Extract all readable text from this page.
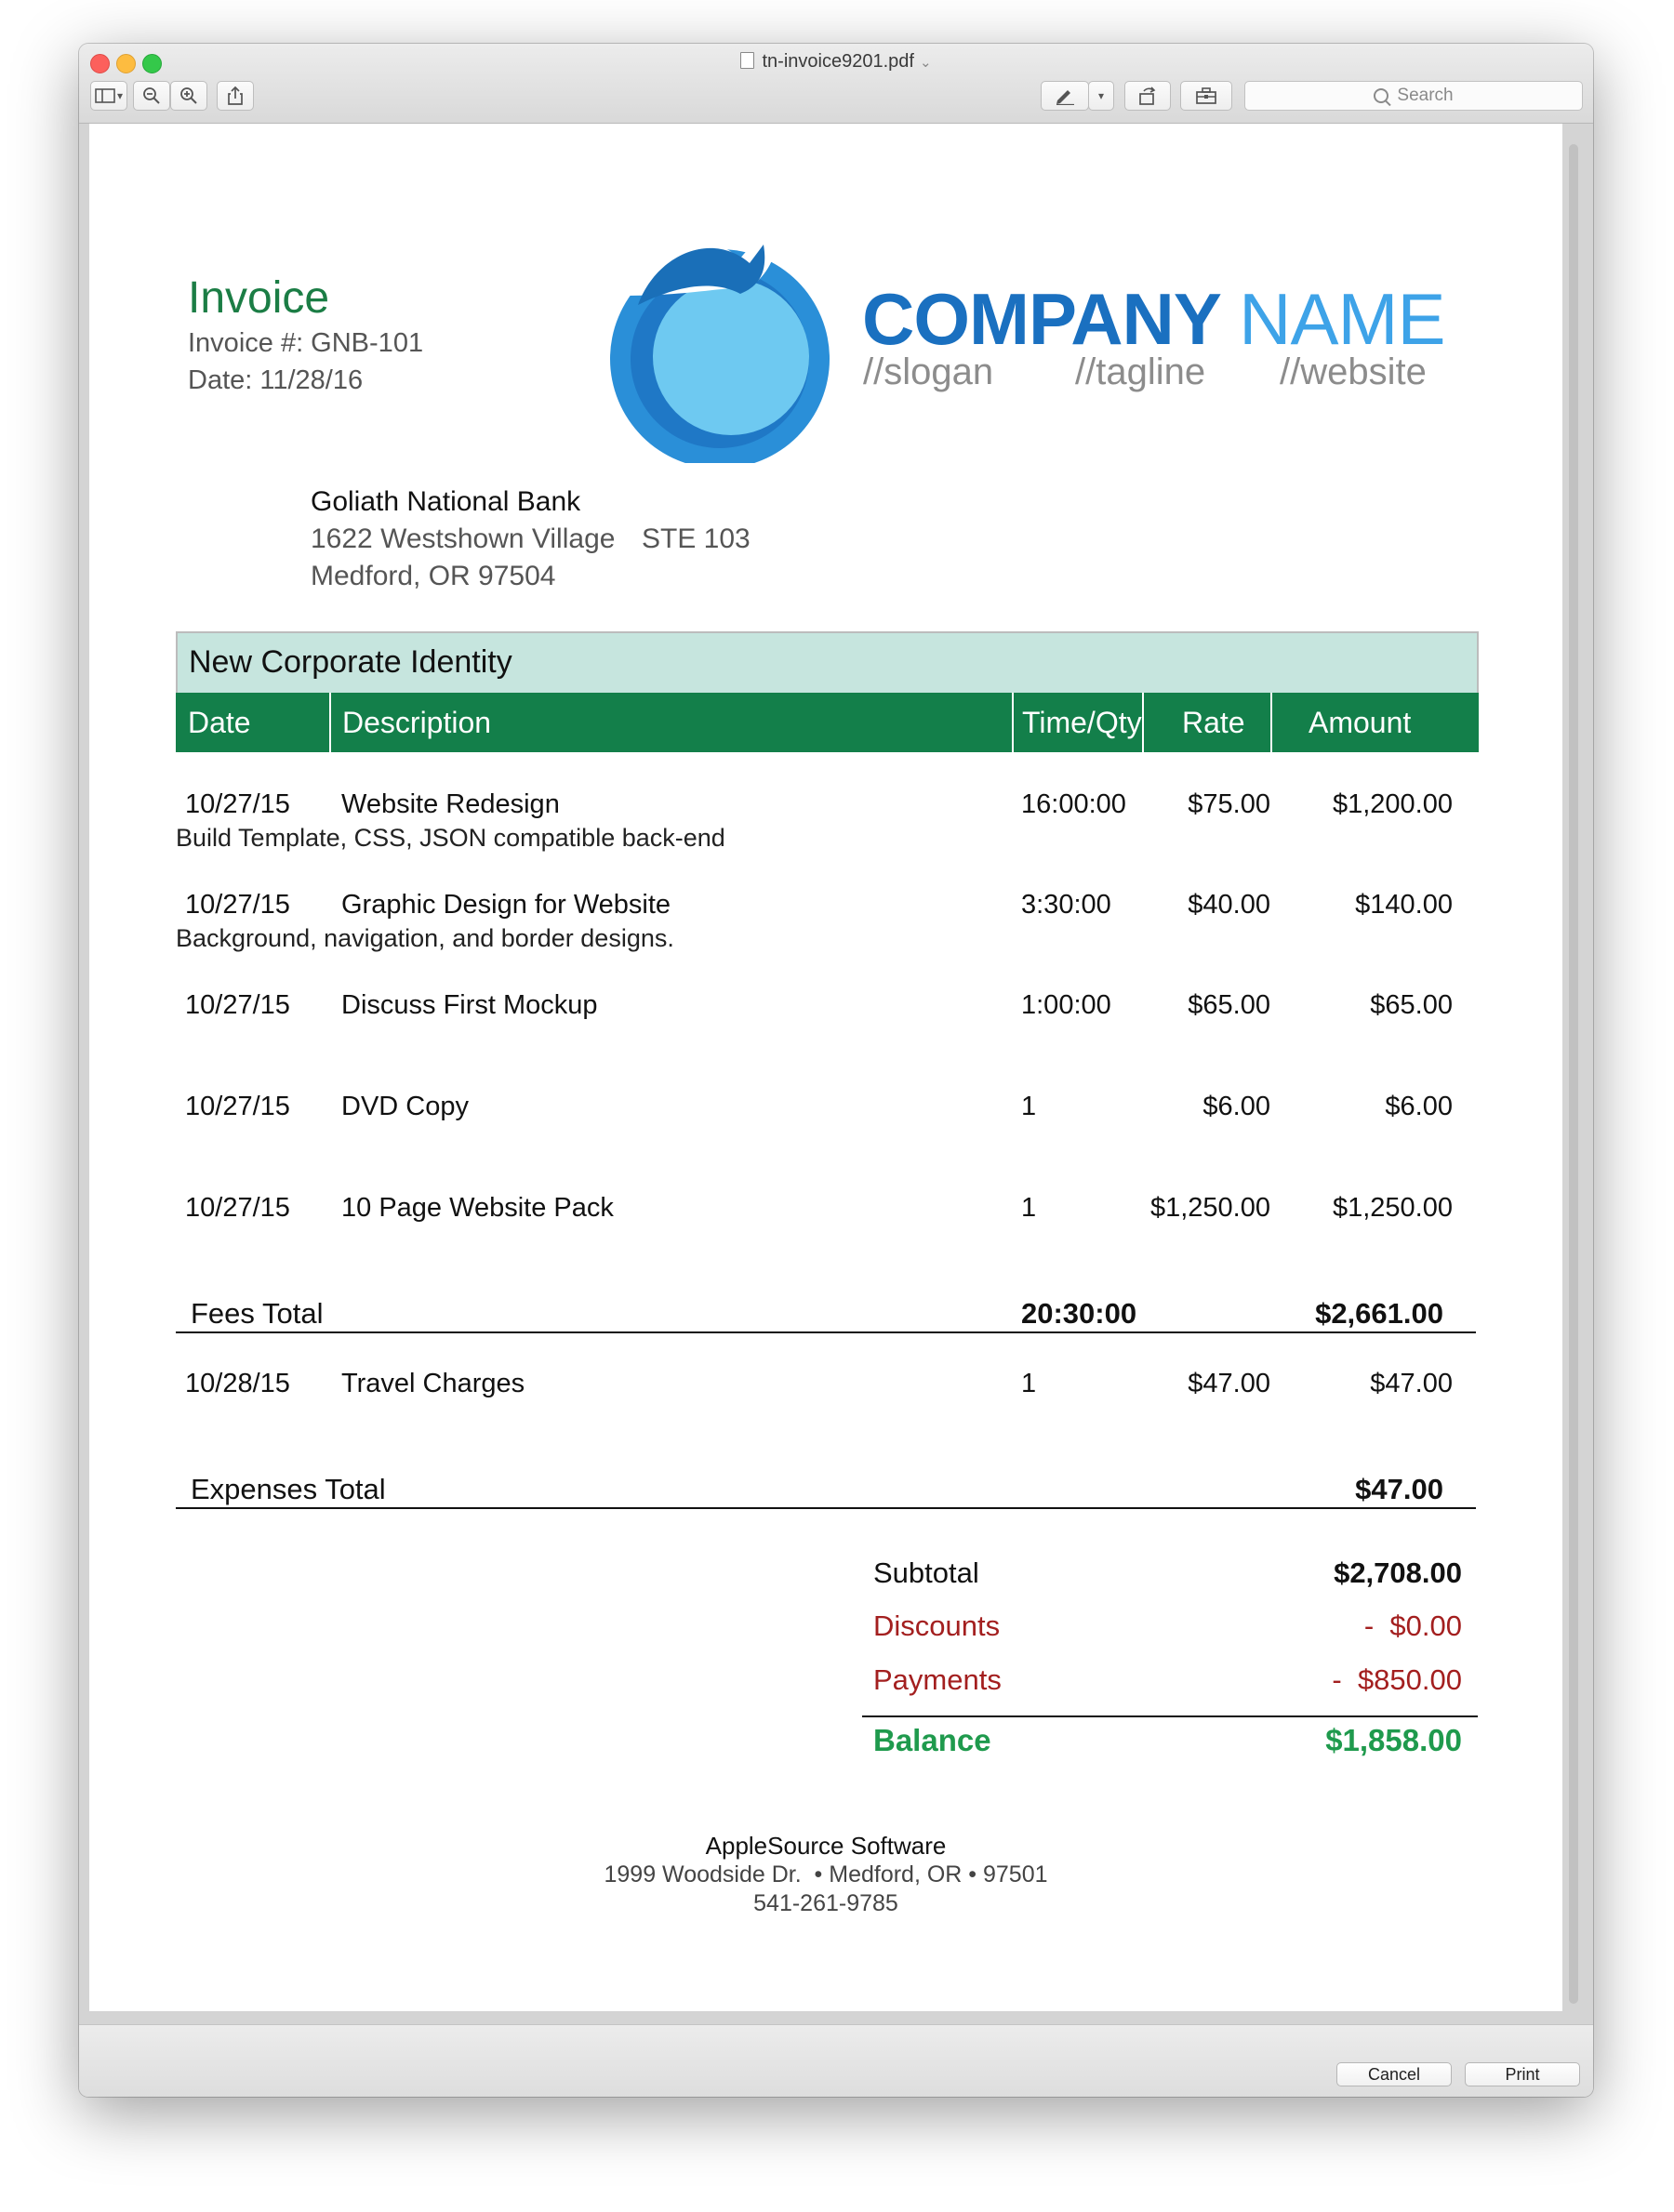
tn-invoice9201.pdf ⌄
▾	▾	Search
Invoice
Invoice #: GNB-101
Date: 11/28/16
COMPANY NAME
//slogan //tagline //website
Goliath National Bank
1622 Westshown Village STE 103
Medford, OR 97504
New Corporate Identity
Date	Description	Time/Qty Rate Amount
10/27/15 Website Redesign	16:00:00	$75.00	$1,200.00
Build Template, CSS, JSON compatible back-end
10/27/15 Graphic Design for Website	3:30:00	$40.00	$140.00
Background, navigation, and border designs.
10/27/15 Discuss First Mockup	1:00:00	$65.00	$65.00
10/27/15 DVD Copy	1	$6.00	$6.00
10/27/15 10 Page Website Pack	1	$1,250.00	$1,250.00
Fees Total	20:30:00	$2,661.00
10/28/15 Travel Charges	1	$47.00	$47.00
Expenses Total	$47.00
Subtotal	$2,708.00
Discounts	-  $0.00
Payments	-  $850.00
Balance	$1,858.00
AppleSource Software
1999 Woodside Dr.  • Medford, OR • 97501
541-261-9785
Cancel	Print
